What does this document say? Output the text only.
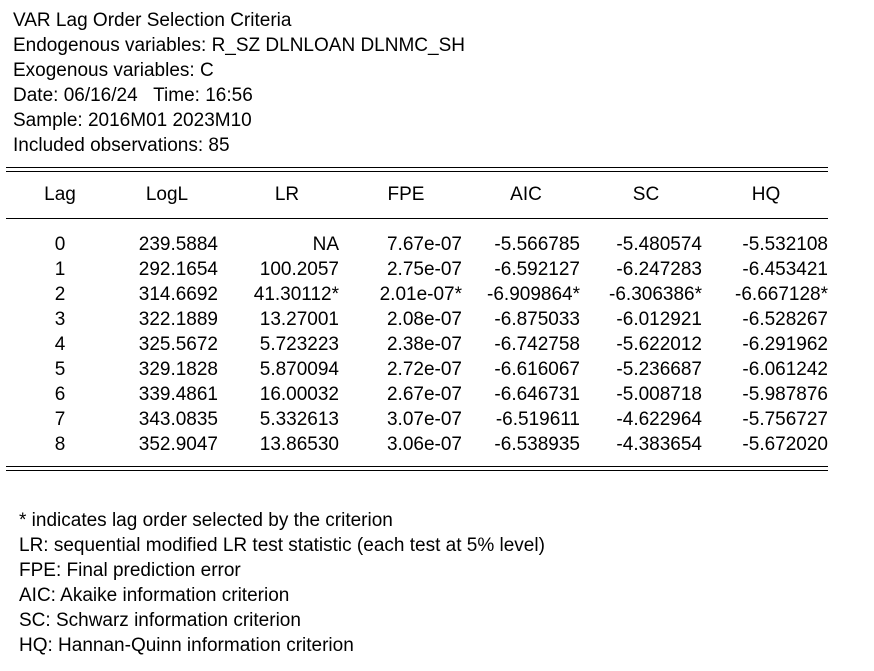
VAR Lag Order Selection Criteria
Endogenous variables: R_SZ DLNLOAN DLNMC_SH
Exogenous variables: C
Date: 06/16/24   Time: 16:56
Sample: 2016M01 2023M10
Included observations: 85
Lag	LogL	LR	FPE	AIC	SC	HQ
0	239.5884	NA	7.67e-07	-5.566785	-5.480574	-5.532108
1	292.1654	100.2057	2.75e-07	-6.592127	-6.247283	-6.453421
2	314.6692	41.30112*	2.01e-07*	-6.909864*	-6.306386*	-6.667128*
3	322.1889	13.27001	2.08e-07	-6.875033	-6.012921	-6.528267
4	325.5672	5.723223	2.38e-07	-6.742758	-5.622012	-6.291962
5	329.1828	5.870094	2.72e-07	-6.616067	-5.236687	-6.061242
6	339.4861	16.00032	2.67e-07	-6.646731	-5.008718	-5.987876
7	343.0835	5.332613	3.07e-07	-6.519611	-4.622964	-5.756727
8	352.9047	13.86530	3.06e-07	-6.538935	-4.383654	-5.672020
* indicates lag order selected by the criterion
LR: sequential modified LR test statistic (each test at 5% level)
FPE: Final prediction error
AIC: Akaike information criterion
SC: Schwarz information criterion
HQ: Hannan-Quinn information criterion
